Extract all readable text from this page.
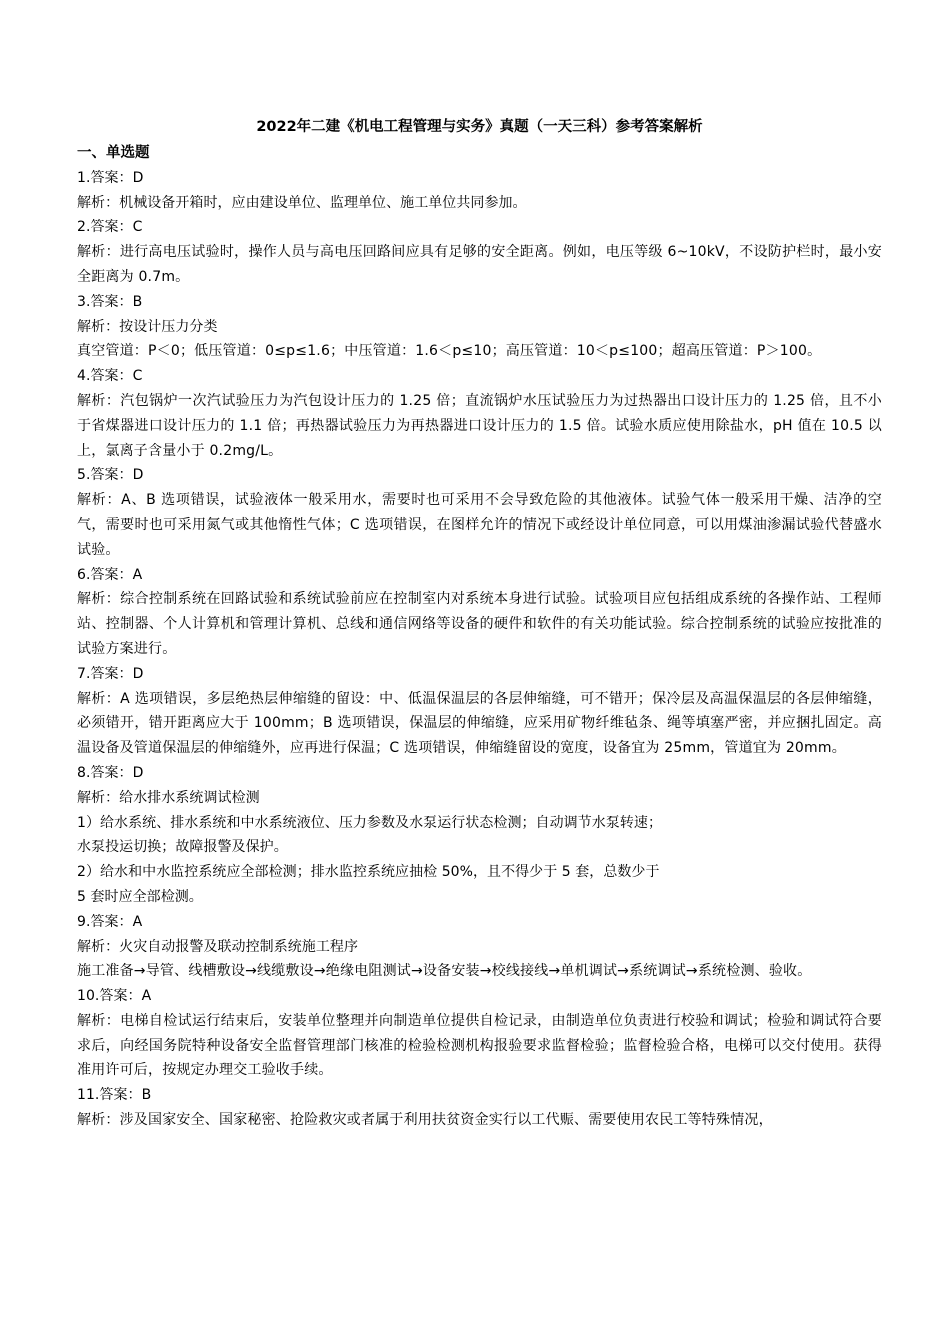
2022年二建《机电工程管理与实务》真题（一天三科）参考答案解析

一、单选题

1.答案：D

解析：机械设备开箱时，应由建设单位、监理单位、施工单位共同参加。

2.答案：C

解析：进行高电压试验时，操作人员与高电压回路间应具有足够的安全距离。例如，电压等级 6~10kV，不设防护栏时，最小安全距离为 0.7m。

3.答案：B

解析：按设计压力分类

真空管道：P＜0；低压管道：0≤p≤1.6；中压管道：1.6＜p≤10；高压管道：10＜p≤100；超高压管道：P＞100。

4.答案：C

解析：汽包锅炉一次汽试验压力为汽包设计压力的 1.25 倍；直流锅炉水压试验压力为过热器出口设计压力的 1.25 倍，且不小于省煤器进口设计压力的 1.1 倍；再热器试验压力为再热器进口设计压力的 1.5 倍。试验水质应使用除盐水，pH 值在 10.5 以上，氯离子含量小于 0.2mg/L。

5.答案：D

解析：A、B 选项错误，试验液体一般采用水，需要时也可采用不会导致危险的其他液体。试验气体一般采用干燥、洁净的空气，需要时也可采用氮气或其他惰性气体；C 选项错误，在图样允许的情况下或经设计单位同意，可以用煤油渗漏试验代替盛水试验。

6.答案：A

解析：综合控制系统在回路试验和系统试验前应在控制室内对系统本身进行试验。试验项目应包括组成系统的各操作站、工程师站、控制器、个人计算机和管理计算机、总线和通信网络等设备的硬件和软件的有关功能试验。综合控制系统的试验应按批准的试验方案进行。

7.答案：D

解析：A 选项错误，多层绝热层伸缩缝的留设：中、低温保温层的各层伸缩缝，可不错开；保冷层及高温保温层的各层伸缩缝，必须错开，错开距离应大于 100mm；B 选项错误，保温层的伸缩缝，应采用矿物纤维毡条、绳等填塞严密，并应捆扎固定。高温设备及管道保温层的伸缩缝外，应再进行保温；C 选项错误，伸缩缝留设的宽度，设备宜为 25mm，管道宜为 20mm。

8.答案：D

解析：给水排水系统调试检测

1）给水系统、排水系统和中水系统液位、压力参数及水泵运行状态检测；自动调节水泵转速；

水泵投运切换；故障报警及保护。

2）给水和中水监控系统应全部检测；排水监控系统应抽检 50%，且不得少于 5 套，总数少于

5 套时应全部检测。

9.答案：A

解析：火灾自动报警及联动控制系统施工程序

施工准备→导管、线槽敷设→线缆敷设→绝缘电阻测试→设备安装→校线接线→单机调试→系统调试→系统检测、验收。

10.答案：A

解析：电梯自检试运行结束后，安装单位整理并向制造单位提供自检记录，由制造单位负责进行校验和调试；检验和调试符合要求后，向经国务院特种设备安全监督管理部门核准的检验检测机构报验要求监督检验；监督检验合格，电梯可以交付使用。获得准用许可后，按规定办理交工验收手续。

11.答案：B

解析：涉及国家安全、国家秘密、抢险救灾或者属于利用扶贫资金实行以工代赈、需要使用农民工等特殊情况，
